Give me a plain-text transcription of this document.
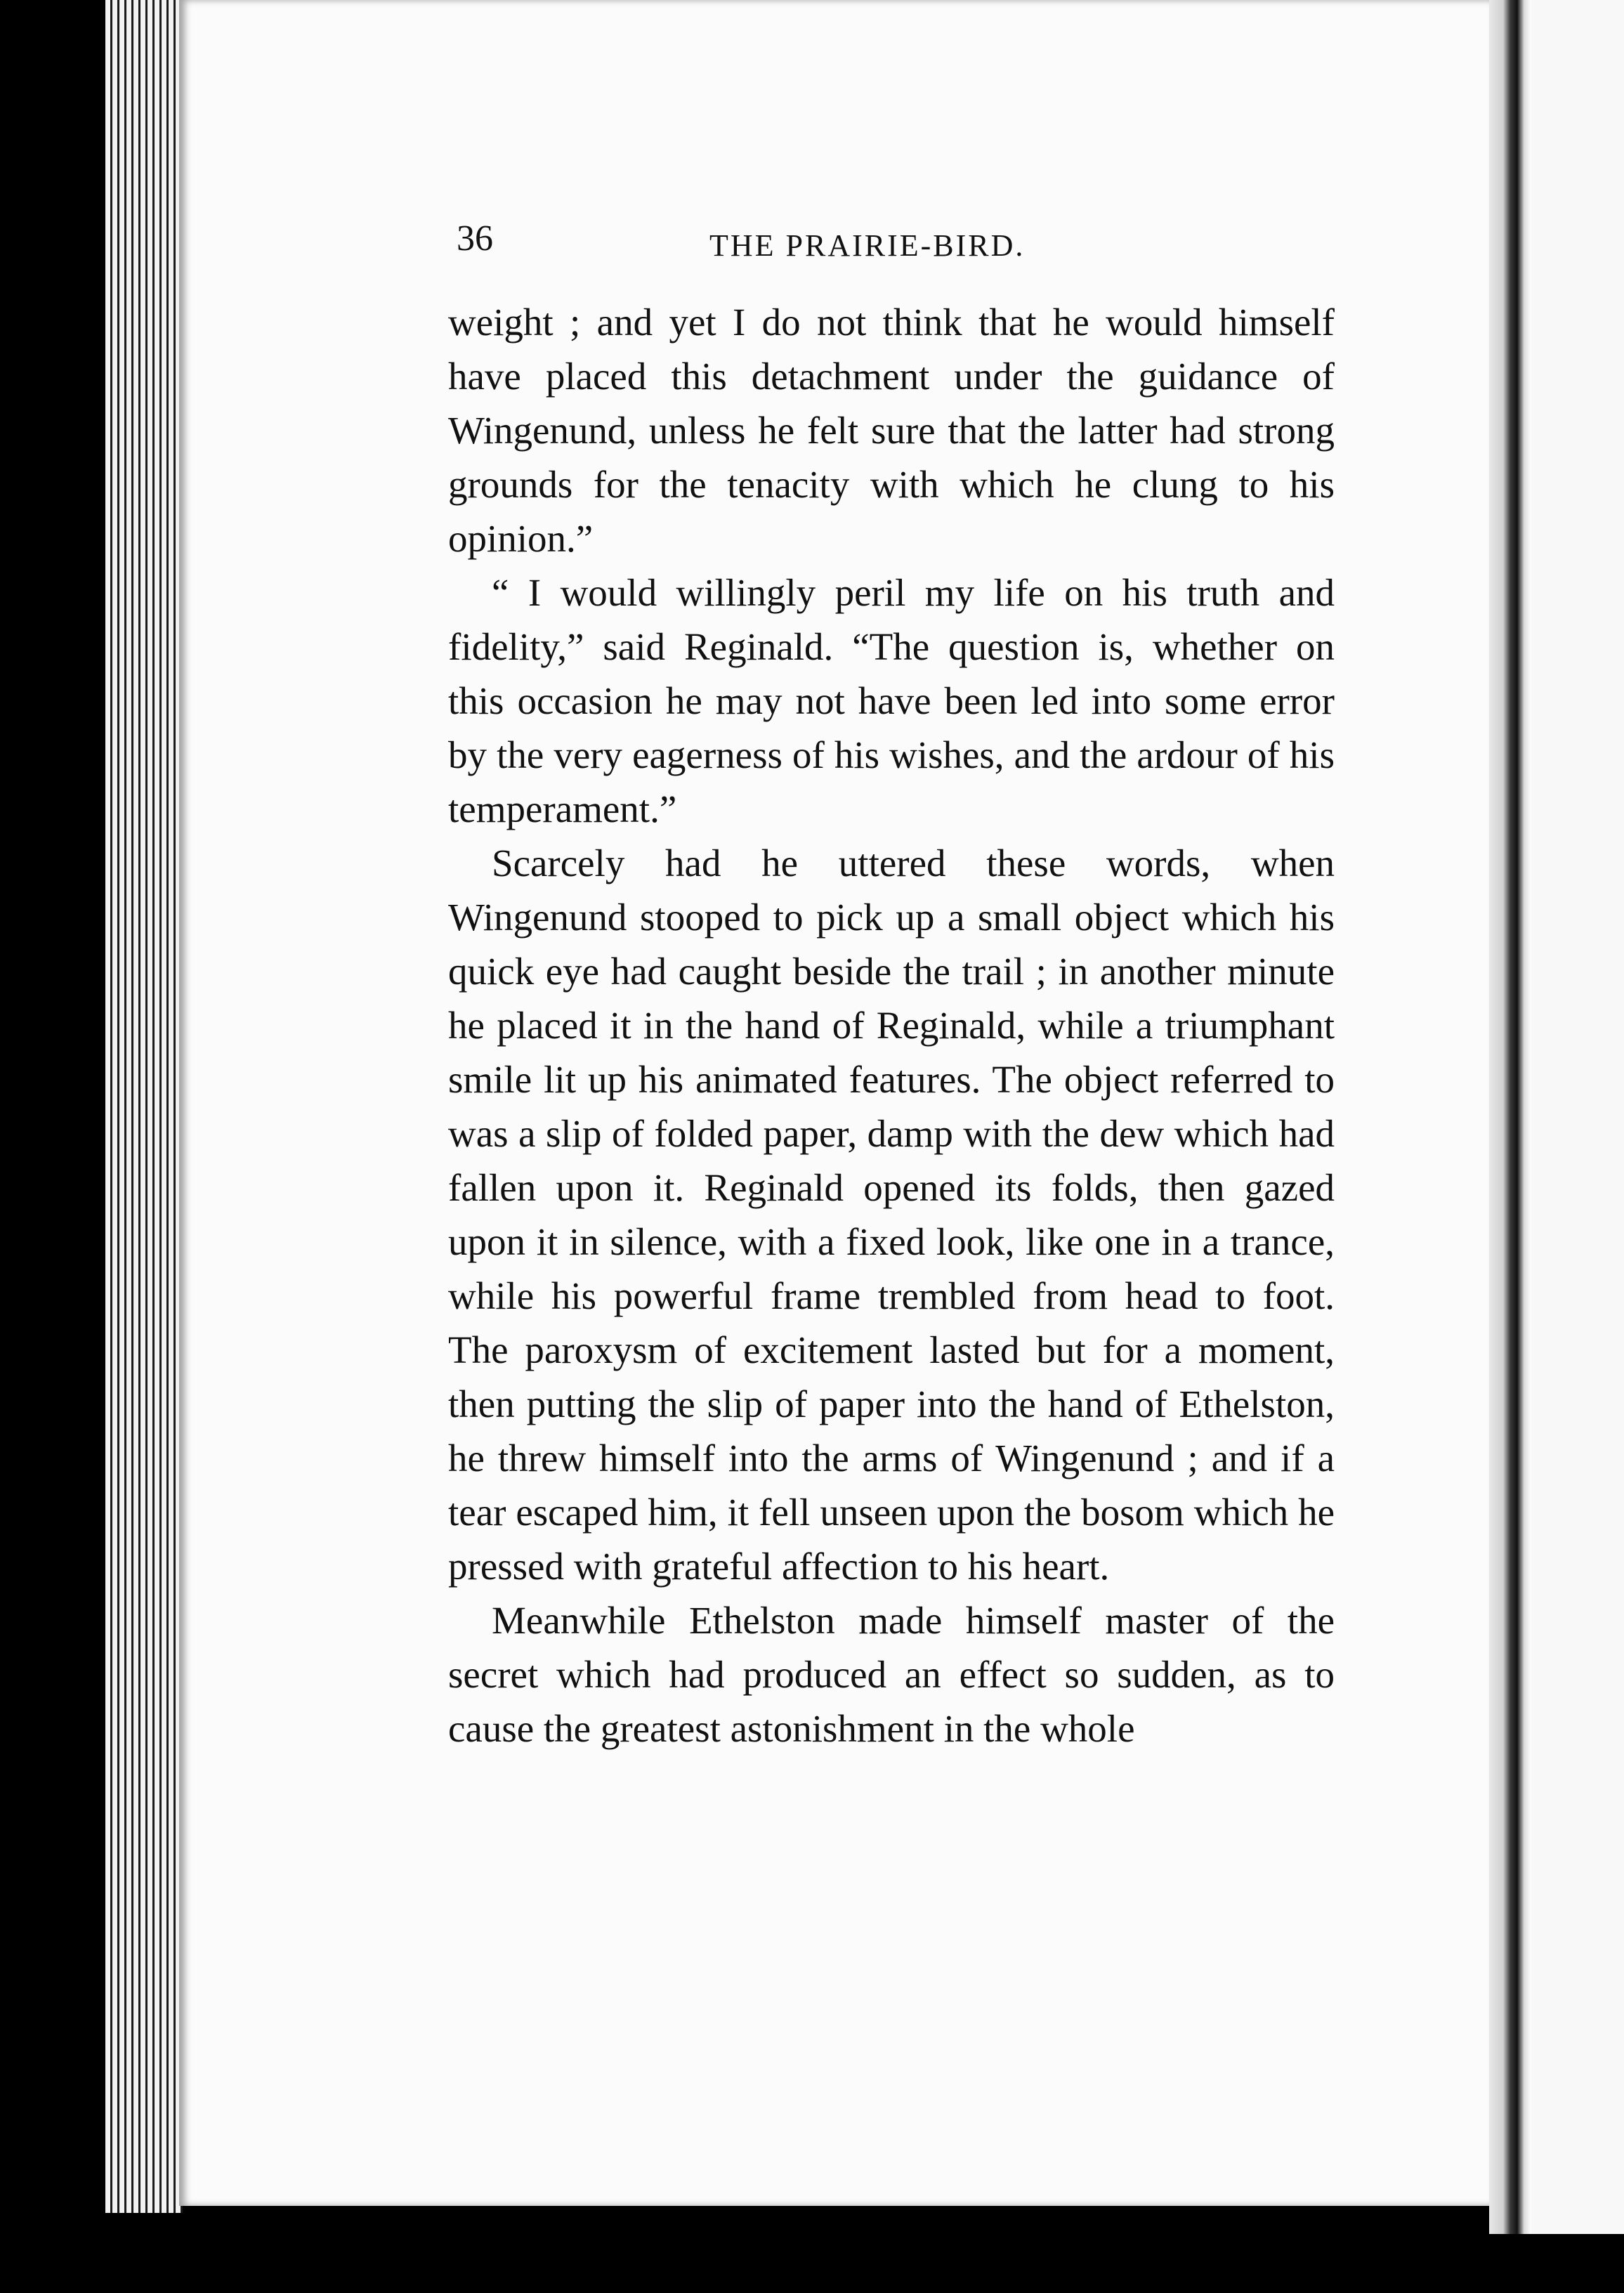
36	THE PRAIRIE-BIRD.

weight ; and yet I do not think that he would himself have placed this detachment under the guidance of Wingenund, unless he felt sure that the latter had strong grounds for the tenacity with which he clung to his opinion.”

“ I would willingly peril my life on his truth and fidelity,” said Reginald. “The question is, whether on this occasion he may not have been led into some error by the very eagerness of his wishes, and the ardour of his temperament.”

Scarcely had he uttered these words, when Wingenund stooped to pick up a small object which his quick eye had caught beside the trail ; in another minute he placed it in the hand of Reginald, while a triumphant smile lit up his animated features. The object referred to was a slip of folded paper, damp with the dew which had fallen upon it. Reginald opened its folds, then gazed upon it in silence, with a fixed look, like one in a trance, while his powerful frame trembled from head to foot. The paroxysm of excitement lasted but for a moment, then putting the slip of paper into the hand of Ethelston, he threw himself into the arms of Wingenund ; and if a tear escaped him, it fell unseen upon the bosom which he pressed with grateful affection to his heart.

Meanwhile Ethelston made himself master of the secret which had produced an effect so sudden, as to cause the greatest astonishment in the whole
